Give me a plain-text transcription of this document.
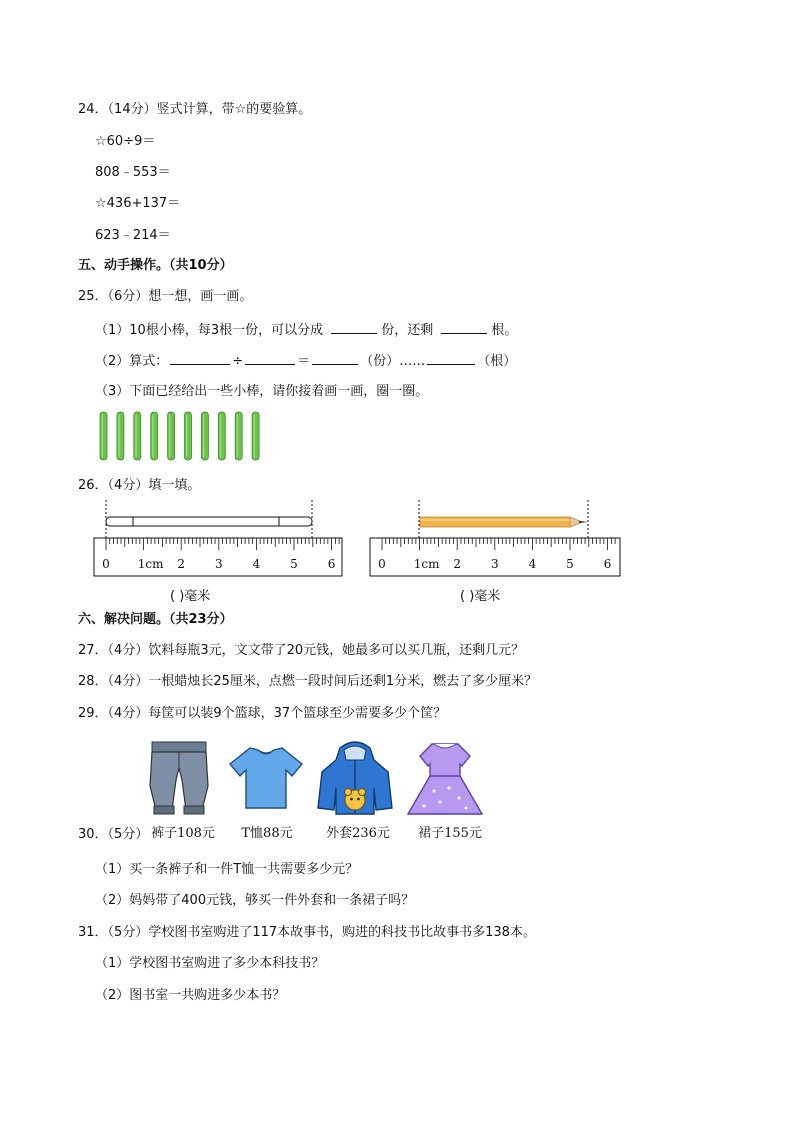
24．（14分）竖式计算，带☆的要验算。
☆60÷9＝
808﹣553＝
☆436+137＝
623﹣214＝
五、动手操作。（共10分）
25．（6分）想一想，画一画。
（1）10根小棒，每3根一份，可以分成	份，还剩	根。
（2）算式：	÷	＝	（份）……	（根）
（3）下面已经给出一些小棒，请你接着画一画，圈一圈。
26．（4分）填一填。
0 1cm 2 3 4 5 6
( )毫米
0 1cm 2 3 4 5 6
( )毫米
六、解决问题。（共23分）
27．（4分）饮料每瓶3元，文文带了20元钱，她最多可以买几瓶，还剩几元？
28．（4分）一根蜡烛长25厘米，点燃一段时间后还剩1分米，燃去了多少厘米？
29．（4分）每筐可以装9个篮球，37个篮球至少需要多少个筐？
30．（5分） 裤子108元	T恤88元	外套236元	裙子155元
（1）买一条裤子和一件T恤一共需要多少元？
（2）妈妈带了400元钱，够买一件外套和一条裙子吗？
31．（5分）学校图书室购进了117本故事书，购进的科技书比故事书多138本。
（1）学校图书室购进了多少本科技书？
（2）图书室一共购进多少本书？
